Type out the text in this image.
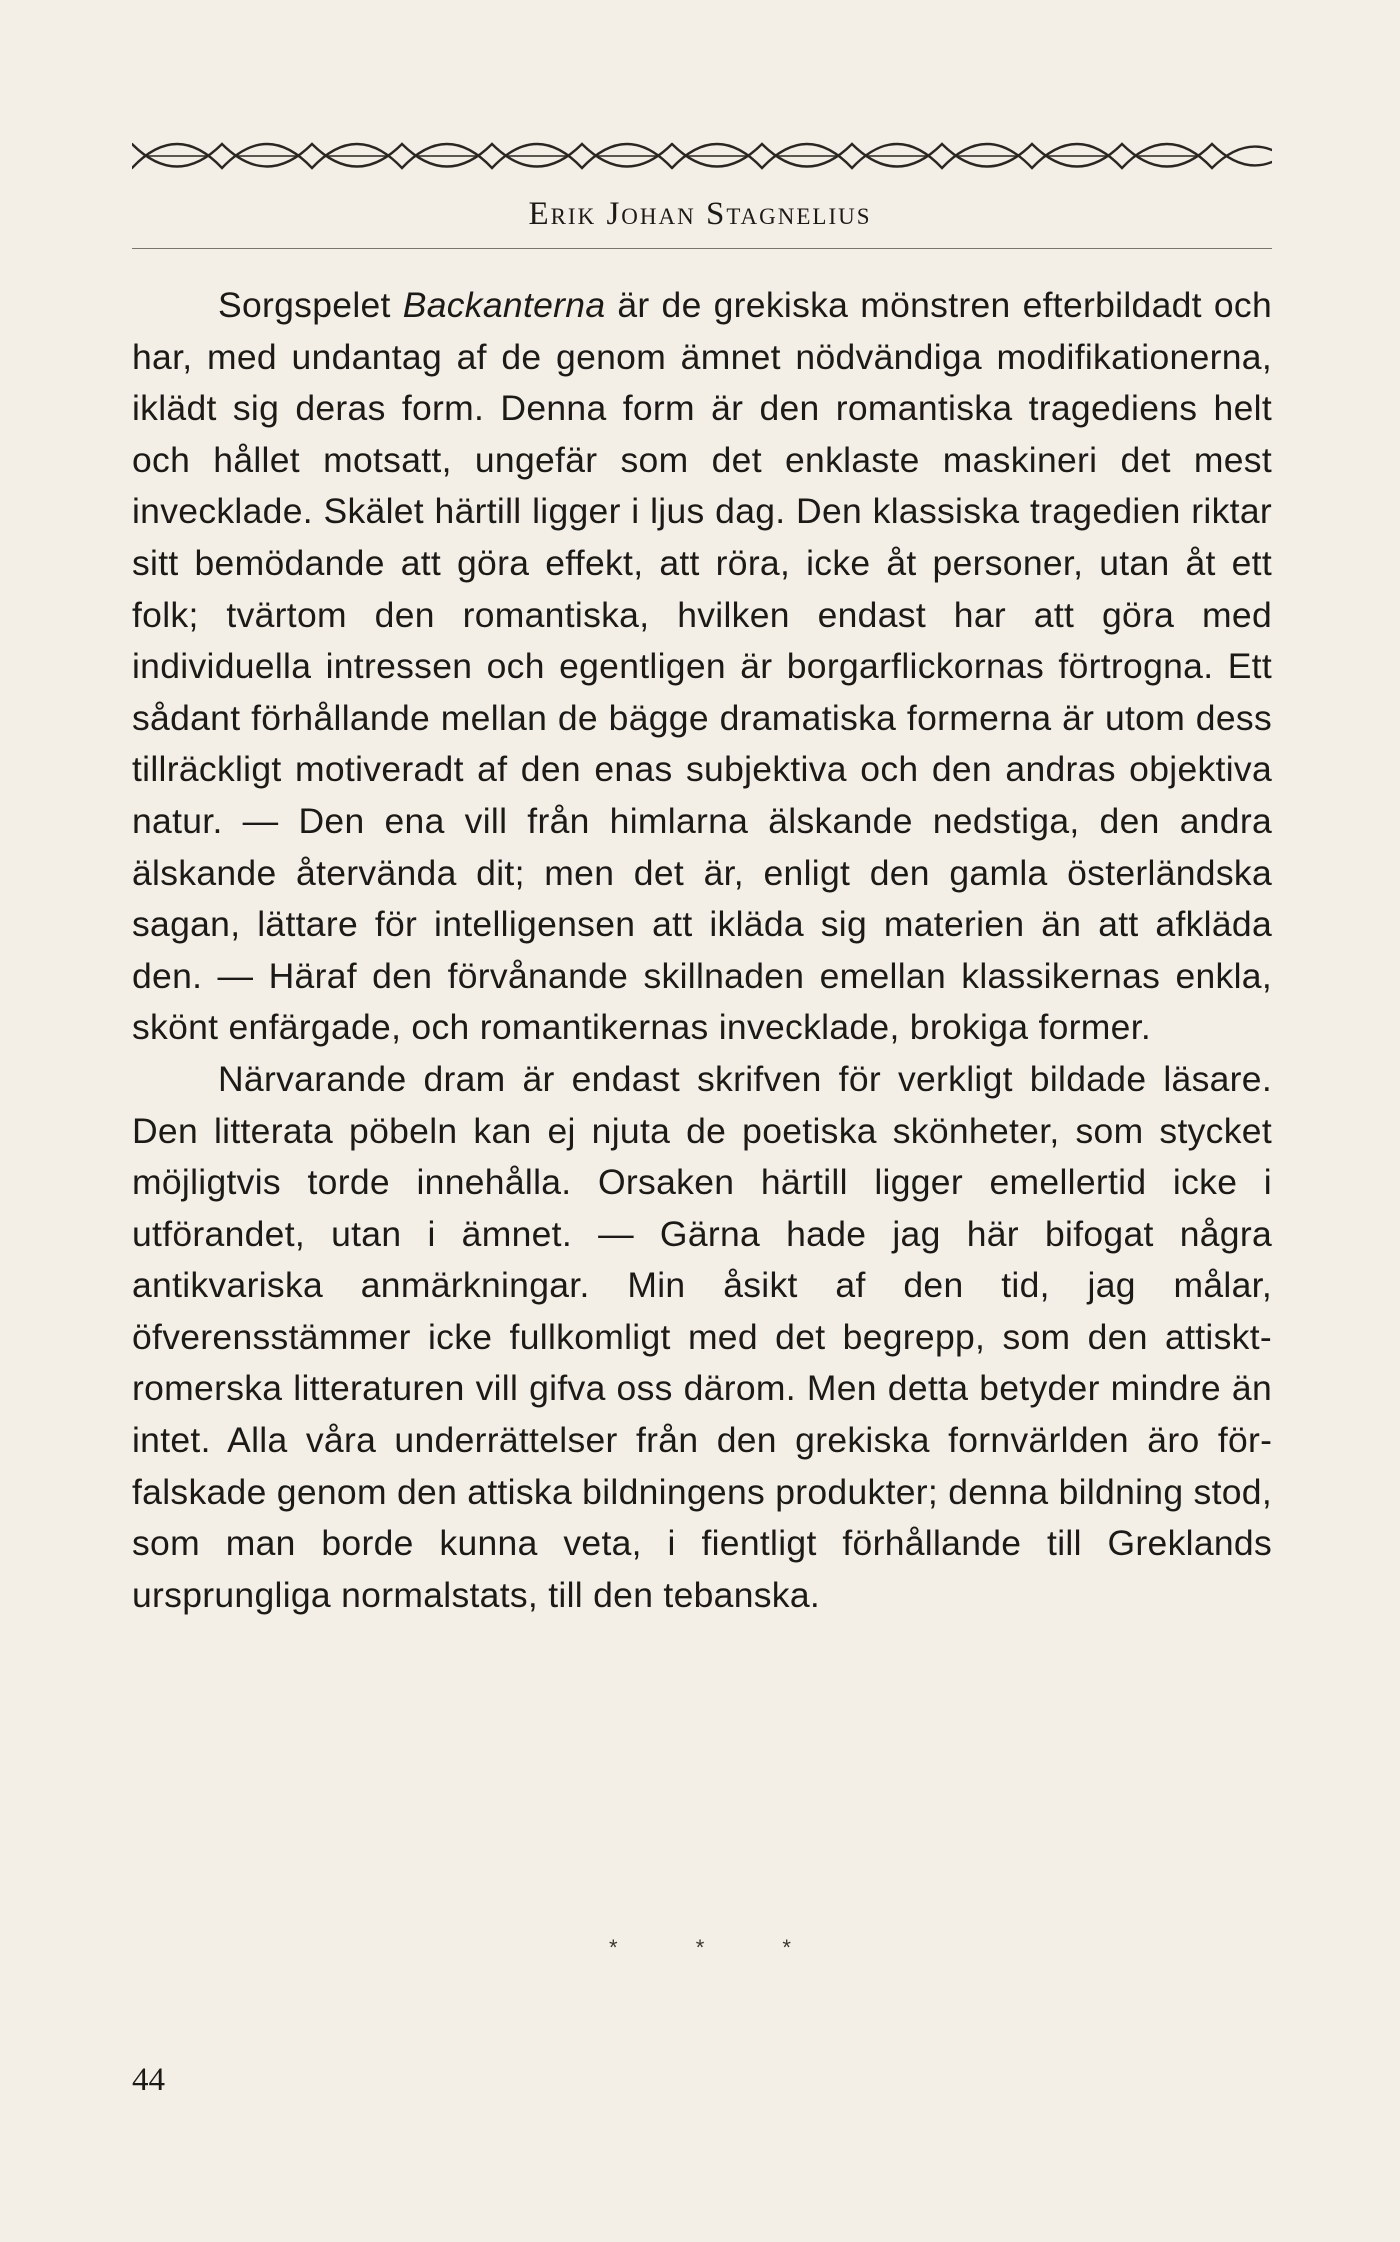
Erik Johan Stagnelius

Sorgspelet Backanterna är de grekiska mönstren efterbildadt och har, med undantag af de genom ämnet nödvändiga modifikationerna, iklädt sig deras form. Denna form är den romantiska tragediens helt och hållet motsatt, ungefär som det enklaste maskineri det mest invecklade. Skälet härtill ligger i ljus dag. Den klassiska tragedien riktar sitt bemödande att göra effekt, att röra, icke åt personer, utan åt ett folk; tvärtom den romantiska, hvilken endast har att göra med individuella intressen och egentligen är borgarflickornas förtrogna. Ett sådant förhållande mellan de bägge dramatiska formerna är utom dess tillräckligt motiveradt af den enas subjektiva och den andras objektiva natur. — Den ena vill från himlarna älskande nedstiga, den andra älskande återvända dit; men det är, enligt den gamla österländska sagan, lättare för intelligensen att ikläda sig materien än att afkläda den. — Häraf den förvånande skillnaden emellan klassikernas enkla, skönt enfärgade, och romantikernas invecklade, brokiga former.

Närvarande dram är endast skrifven för verkligt bildade läsare. Den litterata pöbeln kan ej njuta de poetiska skönheter, som stycket möjligtvis torde innehålla. Orsaken härtill ligger emellertid icke i utförandet, utan i ämnet. — Gärna hade jag här bifogat några antikvariska anmärkningar. Min åsikt af den tid, jag målar, öfverensstämmer icke fullkomligt med det begrepp, som den attiskt-romerska litteraturen vill gifva oss därom. Men detta betyder mindre än intet. Alla våra underrättelser från den grekiska fornvärlden äro förfalskade genom den attiska bildningens produkter; denna bildning stod, som man borde kunna veta, i fientligt förhållande till Greklands ursprungliga normalstats, till den tebanska.

* * *
44
